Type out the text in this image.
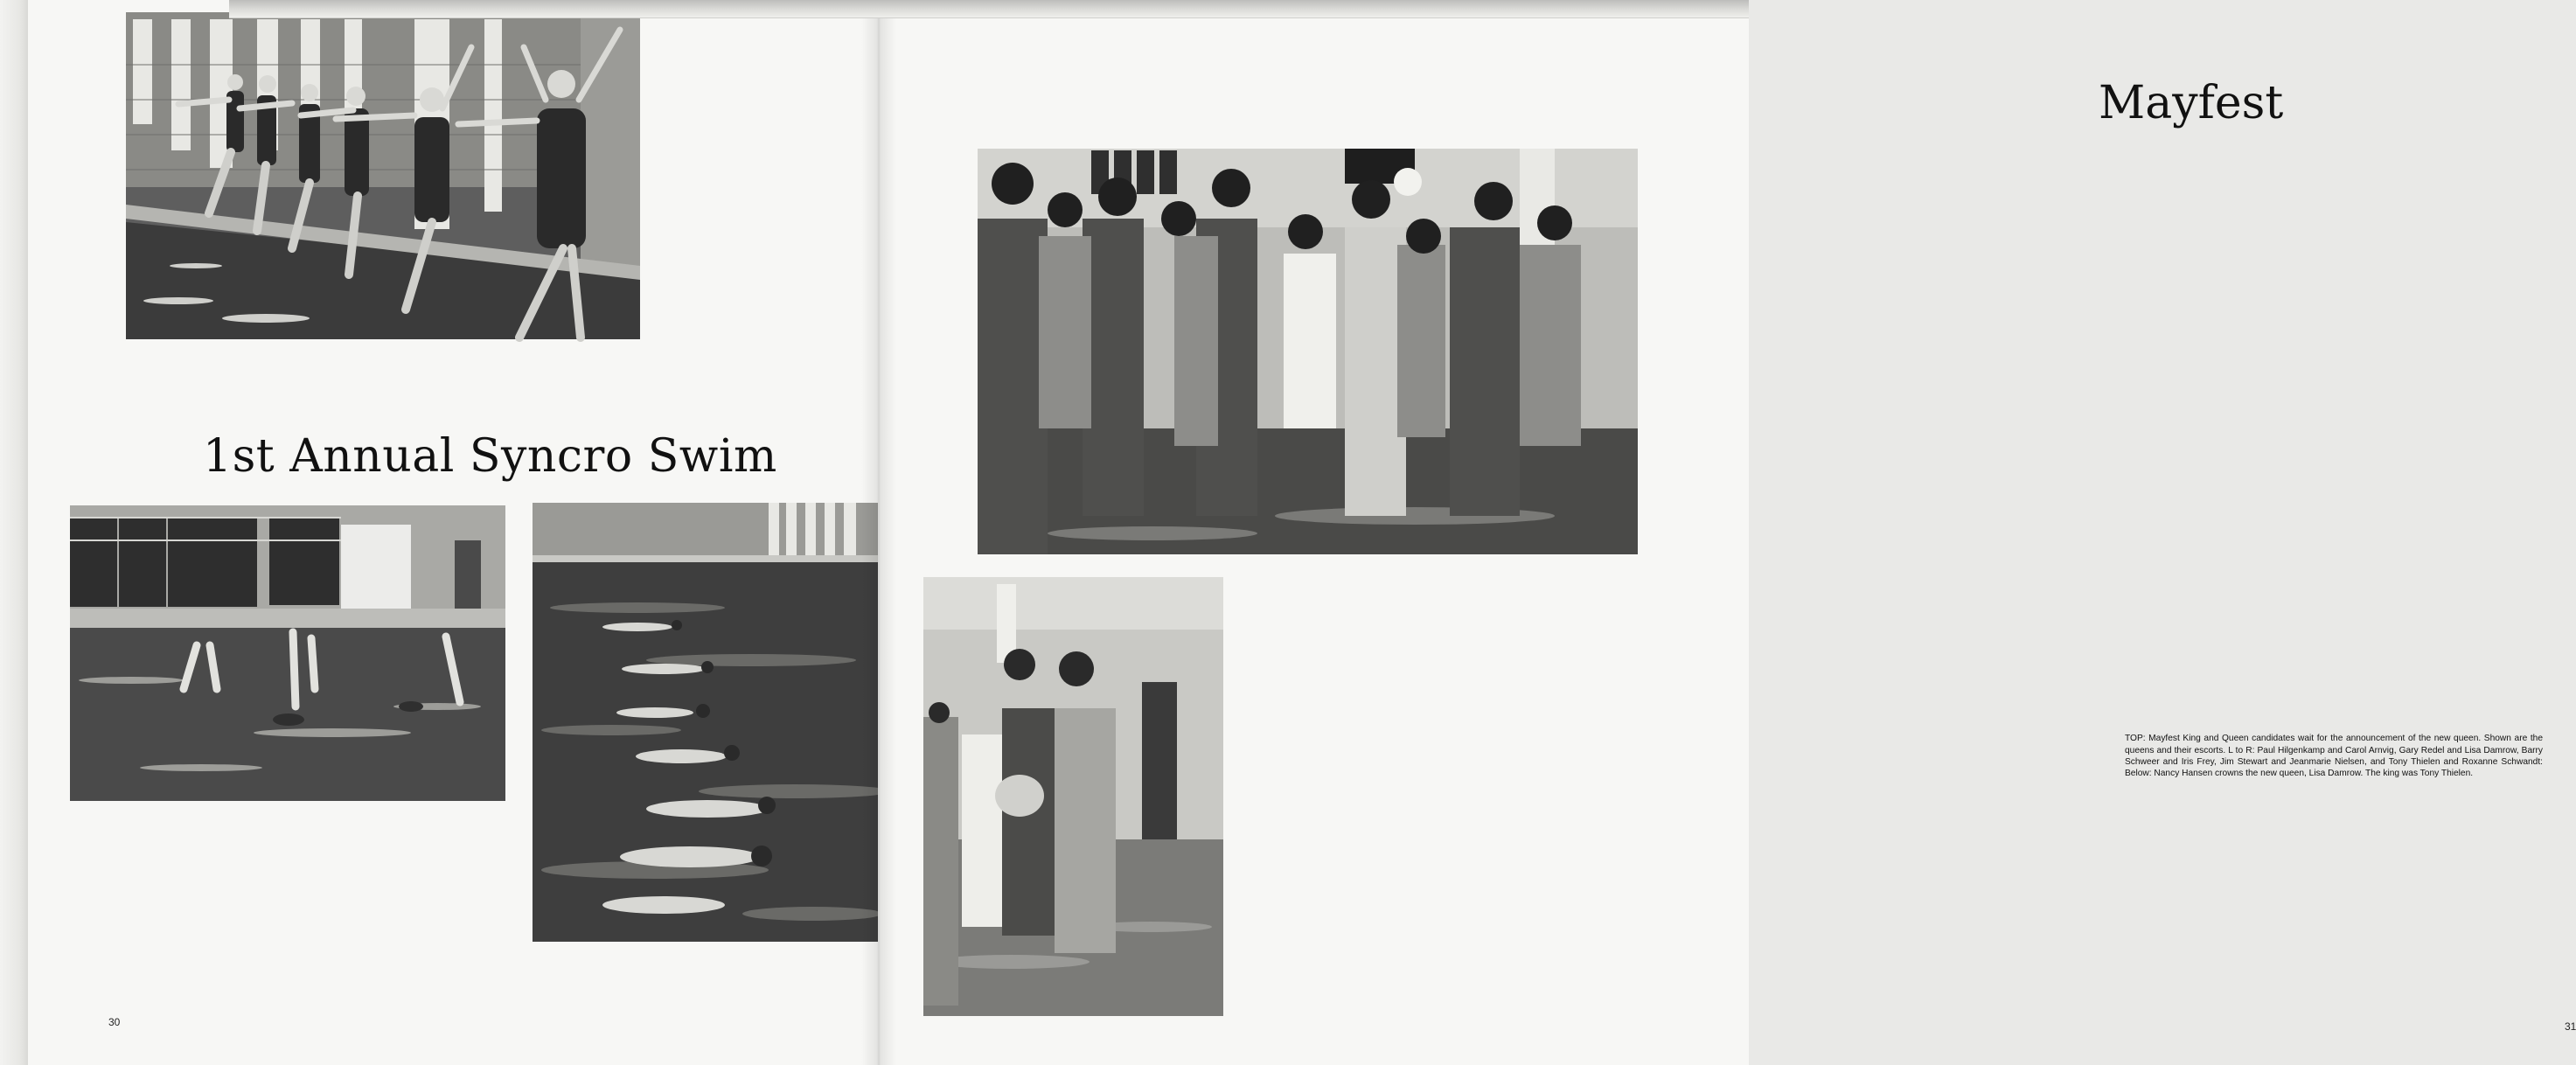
1st Annual Syncro Swim
30
Mayfest

TOP: Mayfest King and Queen candidates wait for the announcement of the new queen. Shown are the queens and their escorts. L to R: Paul Hilgenkamp and Carol Arnvig, Gary Redel and Lisa Damrow, Barry Schweer and Iris Frey, Jim Stewart and Jeanmarie Nielsen, and Tony Thielen and Roxanne Schwandt: Below: Nancy Hansen crowns the new queen, Lisa Damrow. The king was Tony Thielen.

31
